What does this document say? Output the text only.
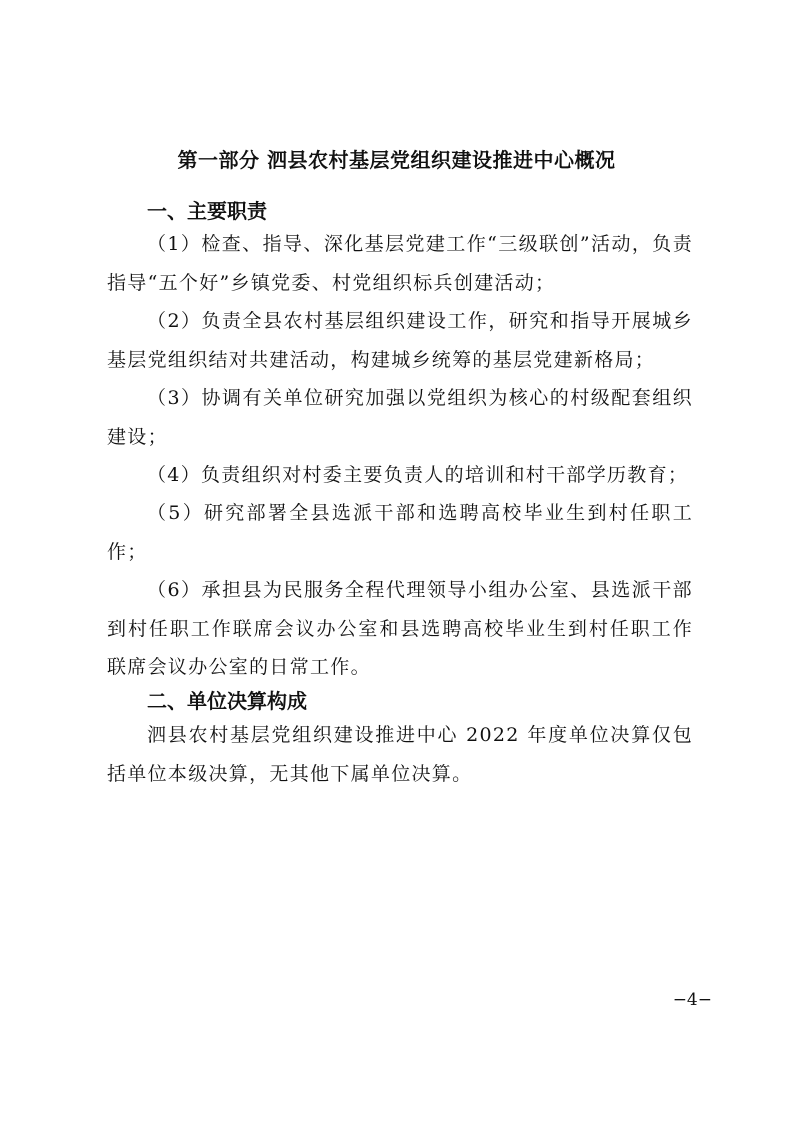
第一部分 泗县农村基层党组织建设推进中心概况
一、主要职责
（1）检查、指导、深化基层党建工作“三级联创”活动，负责指导“五个好”乡镇党委、村党组织标兵创建活动；
（2）负责全县农村基层组织建设工作，研究和指导开展城乡基层党组织结对共建活动，构建城乡统筹的基层党建新格局；
（3）协调有关单位研究加强以党组织为核心的村级配套组织建设；
（4）负责组织对村委主要负责人的培训和村干部学历教育；
（5）研究部署全县选派干部和选聘高校毕业生到村任职工作；
（6）承担县为民服务全程代理领导小组办公室、县选派干部到村任职工作联席会议办公室和县选聘高校毕业生到村任职工作联席会议办公室的日常工作。
二、单位决算构成
泗县农村基层党组织建设推进中心 2022 年度单位决算仅包括单位本级决算，无其他下属单位决算。
−4−
